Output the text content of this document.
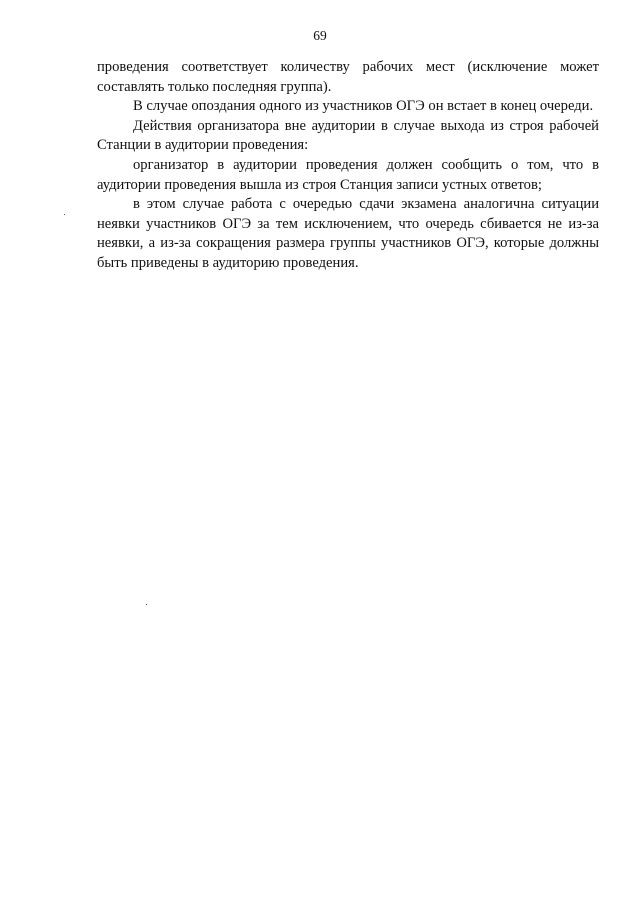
69

проведения соответствует количеству рабочих мест (исключение может составлять только последняя группа).

В случае опоздания одного из участников ОГЭ он встает в конец очереди.

Действия организатора вне аудитории в случае выхода из строя рабочей Станции в аудитории проведения:

организатор в аудитории проведения должен сообщить о том, что в аудитории проведения вышла из строя Станция записи устных ответов;

в этом случае работа с очередью сдачи экзамена аналогична ситуации неявки участников ОГЭ за тем исключением, что очередь сбивается не из-за неявки, а из-за сокращения размера группы участников ОГЭ, которые должны быть приведены в аудиторию проведения.
